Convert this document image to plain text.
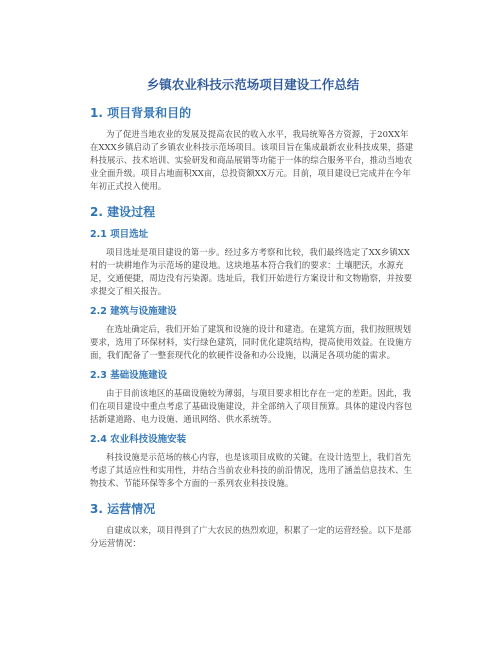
乡镇农业科技示范场项目建设工作总结
1. 项目背景和目的

为了促进当地农业的发展及提高农民的收入水平，我局统筹各方资源，于20XX年在XXX乡镇启动了乡镇农业科技示范场项目。该项目旨在集成最新农业科技成果，搭建科技展示、技术培训、实验研发和商品展销等功能于一体的综合服务平台，推动当地农业全面升级。项目占地面积XX亩，总投资额XX万元。目前，项目建设已完成并在今年年初正式投入使用。

2. 建设过程
2.1 项目选址

项目选址是项目建设的第一步。经过多方考察和比较，我们最终选定了XX乡镇XX村的一块耕地作为示范场的建设地。这块地基本符合我们的要求：土壤肥沃，水源充足，交通便捷，周边没有污染源。选址后，我们开始进行方案设计和文物勘察，并按要求提交了相关报告。

2.2 建筑与设施建设

在选址确定后，我们开始了建筑和设施的设计和建造。在建筑方面，我们按照规划要求，选用了环保材料，实行绿色建筑，同时优化建筑结构，提高使用效益。在设施方面，我们配备了一整套现代化的软硬件设备和办公设施，以满足各项功能的需求。

2.3 基础设施建设

由于目前该地区的基础设施较为薄弱，与项目要求相比存在一定的差距。因此，我们在项目建设中重点考虑了基础设施建设，并全部纳入了项目预算。具体的建设内容包括新建道路、电力设施、通讯网络、供水系统等。

2.4 农业科技设施安装

科技设施是示范场的核心内容，也是该项目成败的关键。在设计选型上，我们首先考虑了其适应性和实用性，并结合当前农业科技的前沿情况，选用了涵盖信息技术、生物技术、节能环保等多个方面的一系列农业科技设施。

3. 运营情况

自建成以来，项目得到了广大农民的热烈欢迎，积累了一定的运营经验。以下是部分运营情况：
